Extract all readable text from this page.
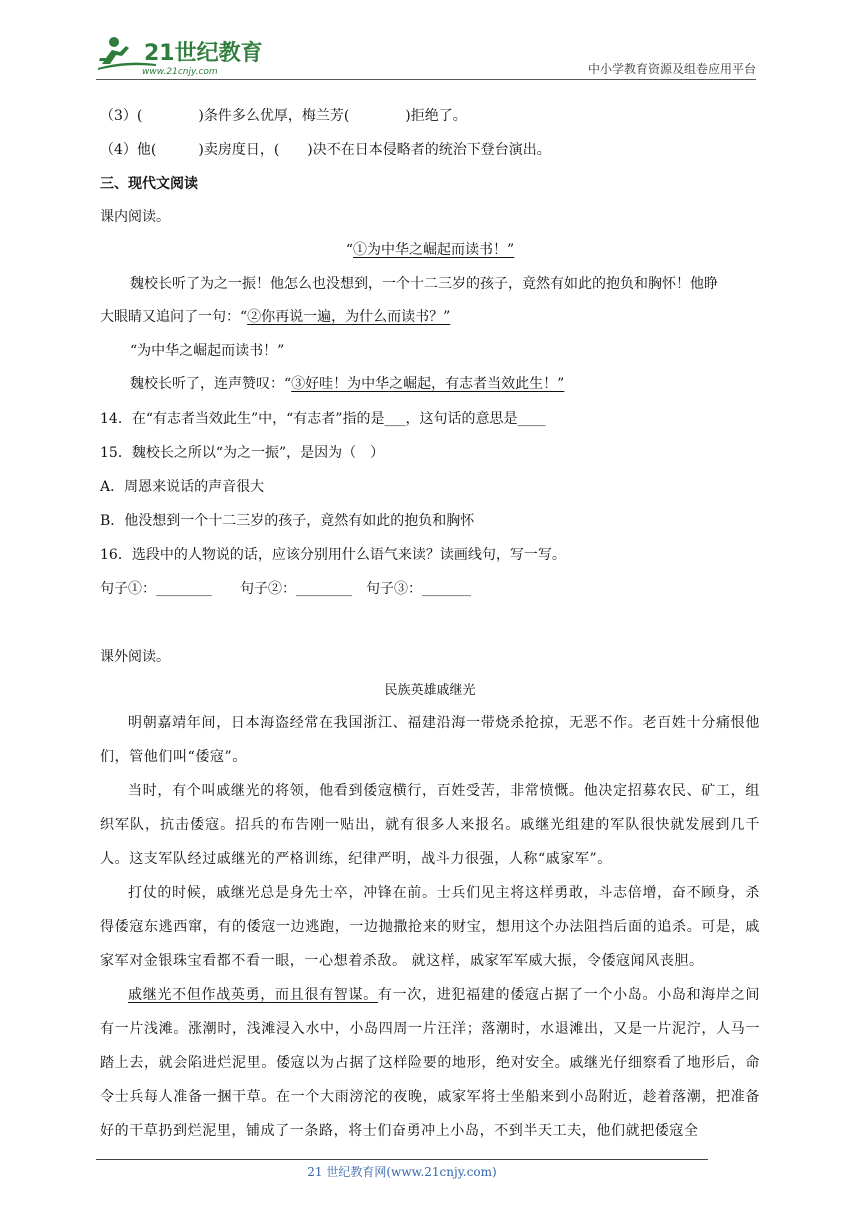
21世纪教育
www.21cnjy.com	中小学教育资源及组卷应用平台
（3）(　　　　)条件多么优厚，梅兰芳(　　　　)拒绝了。
（4）他(　　　)卖房度日，(　　)决不在日本侵略者的统治下登台演出。
三、现代文阅读
课内阅读。
“①为中华之崛起而读书！”
魏校长听了为之一振！他怎么也没想到，一个十二三岁的孩子，竟然有如此的抱负和胸怀！他睁
大眼睛又追问了一句：“②你再说一遍，为什么而读书？”
“为中华之崛起而读书！”
魏校长听了，连声赞叹：“③好哇！为中华之崛起，有志者当效此生！”
14．在“有志者当效此生”中，“有志者”指的是___，这句话的意思是____
15．魏校长之所以“为之一振”，是因为（　）
A．周恩来说话的声音很大
B．他没想到一个十二三岁的孩子，竟然有如此的抱负和胸怀
16．选段中的人物说的话，应该分别用什么语气来读？读画线句，写一写。
句子①：________　　句子②：________　句子③：_______
课外阅读。
民族英雄戚继光
明朝嘉靖年间，日本海盗经常在我国浙江、福建沿海一带烧杀抢掠，无恶不作。老百姓十分痛恨他们，管他们叫“倭寇”。
当时，有个叫戚继光的将领，他看到倭寇横行，百姓受苦，非常愤慨。他决定招募农民、矿工，组织军队，抗击倭寇。招兵的布告刚一贴出，就有很多人来报名。戚继光组建的军队很快就发展到几千人。这支军队经过戚继光的严格训练，纪律严明，战斗力很强，人称“戚家军”。
打仗的时候，戚继光总是身先士卒，冲锋在前。士兵们见主将这样勇敢，斗志倍增，奋不顾身，杀得倭寇东逃西窜，有的倭寇一边逃跑，一边抛撒抢来的财宝，想用这个办法阻挡后面的追杀。可是，戚家军对金银珠宝看都不看一眼，一心想着杀敌。 就这样，戚家军军威大振，令倭寇闻风丧胆。
戚继光不但作战英勇，而且很有智谋。有一次，进犯福建的倭寇占据了一个小岛。小岛和海岸之间有一片浅滩。涨潮时，浅滩浸入水中，小岛四周一片汪洋；落潮时，水退滩出，又是一片泥泞，人马一踏上去，就会陷进烂泥里。倭寇以为占据了这样险要的地形，绝对安全。戚继光仔细察看了地形后，命令士兵每人准备一捆干草。在一个大雨滂沱的夜晚，戚家军将士坐船来到小岛附近，趁着落潮，把准备好的干草扔到烂泥里，铺成了一条路，将士们奋勇冲上小岛，不到半天工夫，他们就把倭寇全
21 世纪教育网(www.21cnjy.com)
